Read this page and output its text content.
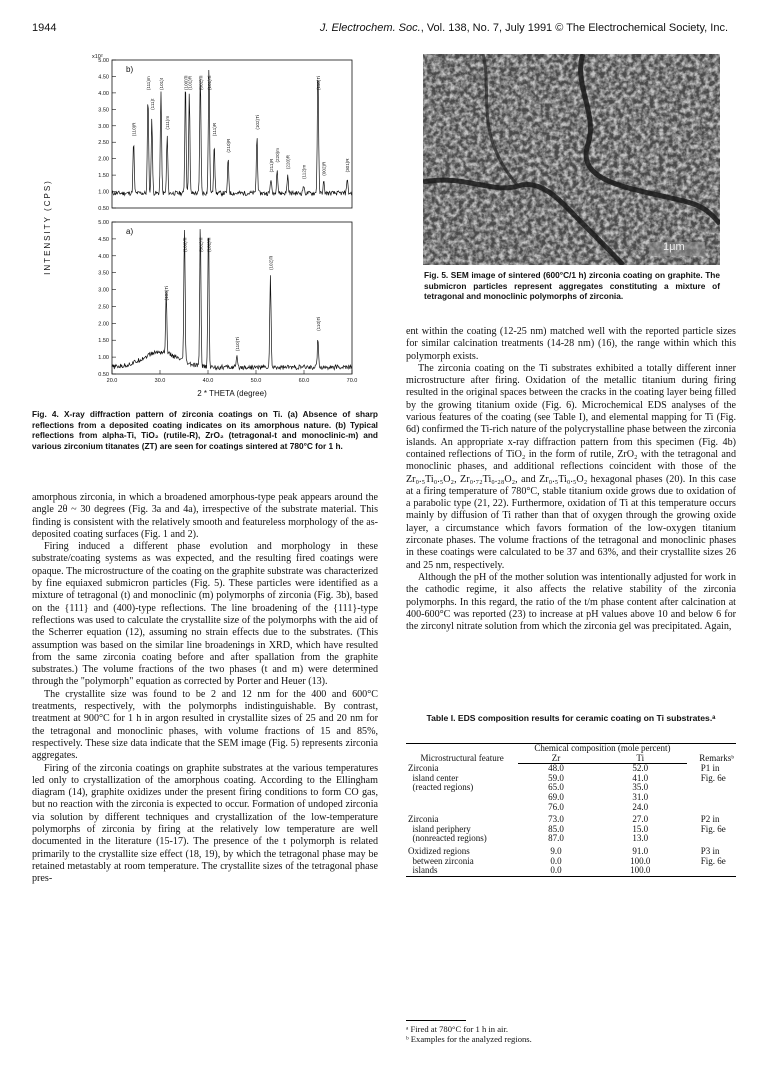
1944	J. Electrochem. Soc., Vol. 138, No. 7, July 1991 © The Electrochemical Society, Inc.
x10²
INTENSITY (CPS)
5.00
4.50
4.00
3.50
3.00
2.50
2.00
1.50
1.00
0.50
b)
(110)R
(111)m
(111)t
(101)t
(111)m
(100)Ti
(101)R (002)Ti (101)Ti
(111)R
(210)R
(102)Ti
(211)R
(220)m (220)R
(112)m
(110)Ti
(002)R	(301)R
5.00
4.50
4.00
3.50
3.00
2.50
2.00
1.50
1.00
0.50
a)
(100)Ti (002)Ti (101)Ti
(102)Ti
(110)Ti
(110)Ti
(100)Ti
20.0	30.0	40.0	50.0	60.0	70.0
2 * THETA (degree)
Fig. 4. X-ray diffraction pattern of zirconia coatings on Ti. (a) Absence of sharp reflections from a deposited coating indicates on its amorphous nature. (b) Typical reflections from alpha-Ti, TiO₂ (rutile-R), ZrO₂ (tetragonal-t and monoclinic-m) and various zirconium titanates (ZT) are seen for coatings sintered at 780°C for 1 h.
1μm
Fig. 5. SEM image of sintered (600°C/1 h) zirconia coating on graphite. The submicron particles represent aggregates constituting a mixture of tetragonal and monoclinic polymorphs of zirconia.

amorphous zirconia, in which a broadened amorphous-type peak appears around the angle 2θ ~ 30 degrees (Fig. 3a and 4a), irrespective of the substrate material. This finding is consistent with the relatively smooth and featureless morphology of the as-deposited coating surfaces (Fig. 1 and 2).

Firing induced a different phase evolution and morphology in these substrate/coating systems as was expected, and the resulting fired coatings were opaque. The microstructure of the coating on the graphite substrate was characterized by fine equiaxed submicron particles (Fig. 5). These particles were identified as a mixture of tetragonal (t) and monoclinic (m) polymorphs of zirconia (Fig. 3b), based on the {111} and (400)-type reflections. The line broadening of the {111}-type reflections was used to calculate the crystallite size of the polymorphs with the aid of the Scherrer equation (12), assuming no strain effects due to the substrates. (This assumption was based on the similar line broadenings in XRD, which have resulted from the same zirconia coating before and after spallation from the graphite substrates.) The volume fractions of the two phases (t and m) were determined through the "polymorph" equation as corrected by Porter and Heuer (13).

The crystallite size was found to be 2 and 12 nm for the 400 and 600°C treatments, respectively, with the polymorphs indistinguishable. By contrast, treatment at 900°C for 1 h in argon resulted in crystallite sizes of 25 and 20 nm for the tetragonal and monoclinic phases, with volume fractions of 15 and 85%, respectively. These size data indicate that the SEM image (Fig. 5) represents zirconia aggregates.

Firing of the zirconia coatings on graphite substrates at the various temperatures led only to crystallization of the amorphous coating. According to the Ellingham diagram (14), graphite oxidizes under the present firing conditions to form CO gas, but no reaction with the zirconia is expected to occur. Formation of undoped zirconia via solution by different techniques and crystallization of the low-temperature polymorphs of zirconia by firing at the relatively low temperature are well documented in the literature (15-17). The presence of the t polymorph is related primarily to the crystallite size effect (18, 19), by which the tetragonal phase may be retained metastably at room temperature. The crystallite sizes of the tetragonal phase pres-

ent within the coating (12-25 nm) matched well with the reported particle sizes for similar calcination treatments (14-28 nm) (16), the range within which this polymorph exists.

The zirconia coating on the Ti substrates exhibited a totally different inner microstructure after firing. Oxidation of the metallic titanium during firing resulted in the original spaces between the cracks in the coating layer being filled by the growing titanium oxide (Fig. 6). Microchemical EDS analyses of the various features of the coating (see Table I), and elemental mapping for Ti (Fig. 6d) confirmed the Ti-rich nature of the polycrystalline phase between the zirconia islands. An appropriate x-ray diffraction pattern from this specimen (Fig. 4b) contained reflections of TiO₂ in the form of rutile, ZrO₂ with the tetragonal and monoclinic phases, and additional reflections coincident with those of the Zr₀.₅Ti₀.₅O₂, Zr₀.₇₂Ti₀.₂₈O₂, and Zr₀.₅Ti₀.₅O₂ hexagonal phases (20). In this case at a firing temperature of 780°C, stable titanium oxide grows due to oxidation of a parabolic type (21, 22). Furthermore, oxidation of Ti at this temperature occurs mainly by diffusion of Ti rather than that of oxygen through the growing oxide layer, a circumstance which favors formation of the low-oxygen titanium zirconate phases. The volume fractions of the tetragonal and monoclinic phases in these coatings were calculated to be 37 and 63%, and their crystallite sizes 26 and 25 nm, respectively.

Although the pH of the mother solution was intentionally adjusted for work in the cathodic regime, it also affects the relative stability of the zirconia polymorphs. In this regard, the ratio of the t/m phase content after calcination at 400-600°C was reported (23) to increase at pH values above 10 and below 6 for the zirconyl nitrate solution from which the zirconia gel was precipitated. Again,

Table I. EDS composition results for ceramic coating on Ti substrates.ᵃ
Microstructural feature	Chemical composition (mole percent)		Remarksᵇ
	Zr	Ti	
Zirconia	48.0	52.0	P1 in
island center	59.0	41.0	Fig. 6e
(reacted regions)	65.0	35.0	
	69.0	31.0	
	76.0	24.0	
Zirconia	73.0	27.0	P2 in
island periphery	85.0	15.0	Fig. 6e
(nonreacted regions)	87.0	13.0	
Oxidized regions	9.0	91.0	P3 in
between zirconia	0.0	100.0	Fig. 6e
islands	0.0	100.0	
ᵃ Fired at 780°C for 1 h in air.
ᵇ Examples for the analyzed regions.
